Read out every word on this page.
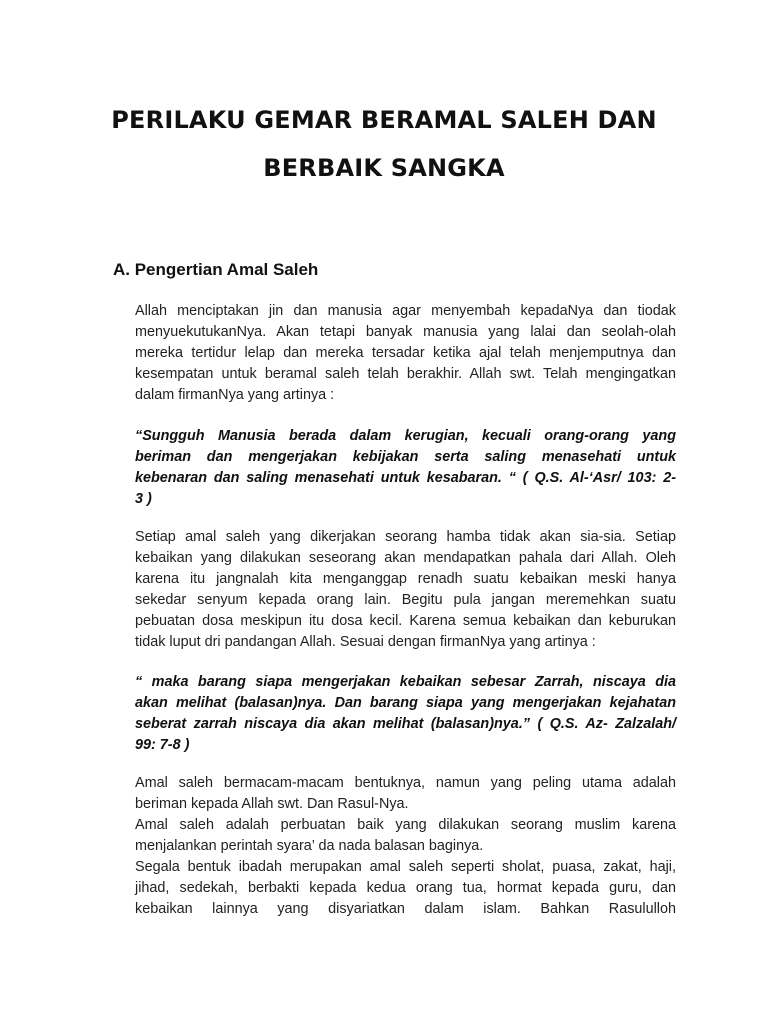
PERILAKU GEMAR BERAMAL SALEH DAN
BERBAIK SANGKA
A. Pengertian Amal Saleh

Allah menciptakan jin dan manusia agar menyembah kepadaNya dan tiodak
menyuekutukanNya. Akan tetapi banyak manusia yang lalai dan seolah-olah
mereka tertidur lelap dan mereka tersadar ketika ajal telah menjemputnya dan
kesempatan untuk beramal saleh telah berakhir. Allah swt. Telah mengingatkan
dalam firmanNya yang artinya :

“Sungguh Manusia berada dalam kerugian, kecuali orang-orang yang
beriman dan mengerjakan kebijakan serta saling menasehati untuk
kebenaran dan saling menasehati untuk kesabaran. “ ( Q.S. Al-‘Asr/ 103: 2-
3 )

Setiap amal saleh yang dikerjakan seorang hamba tidak akan sia-sia. Setiap
kebaikan yang dilakukan seseorang akan mendapatkan pahala dari Allah. Oleh
karena itu jangnalah kita menganggap renadh suatu kebaikan meski hanya
sekedar senyum kepada orang lain. Begitu pula jangan meremehkan suatu
pebuatan dosa meskipun itu dosa kecil. Karena semua kebaikan dan keburukan
tidak luput dri pandangan Allah. Sesuai dengan firmanNya yang artinya :

“ maka barang siapa mengerjakan kebaikan sebesar Zarrah, niscaya dia
akan melihat (balasan)nya. Dan barang siapa yang mengerjakan kejahatan
seberat zarrah niscaya dia akan melihat (balasan)nya.” ( Q.S. Az- Zalzalah/
99: 7-8 )

Amal saleh bermacam-macam bentuknya, namun yang peling utama adalah
beriman kepada Allah swt. Dan Rasul-Nya.

Amal saleh adalah perbuatan baik yang dilakukan seorang muslim karena
menjalankan perintah syara’ da nada balasan baginya.

Segala bentuk ibadah merupakan amal saleh seperti sholat, puasa, zakat, haji,
jihad, sedekah, berbakti kepada kedua orang tua, hormat kepada guru, dan
kebaikan lainnya yang disyariatkan dalam islam. Bahkan Rasululloh
